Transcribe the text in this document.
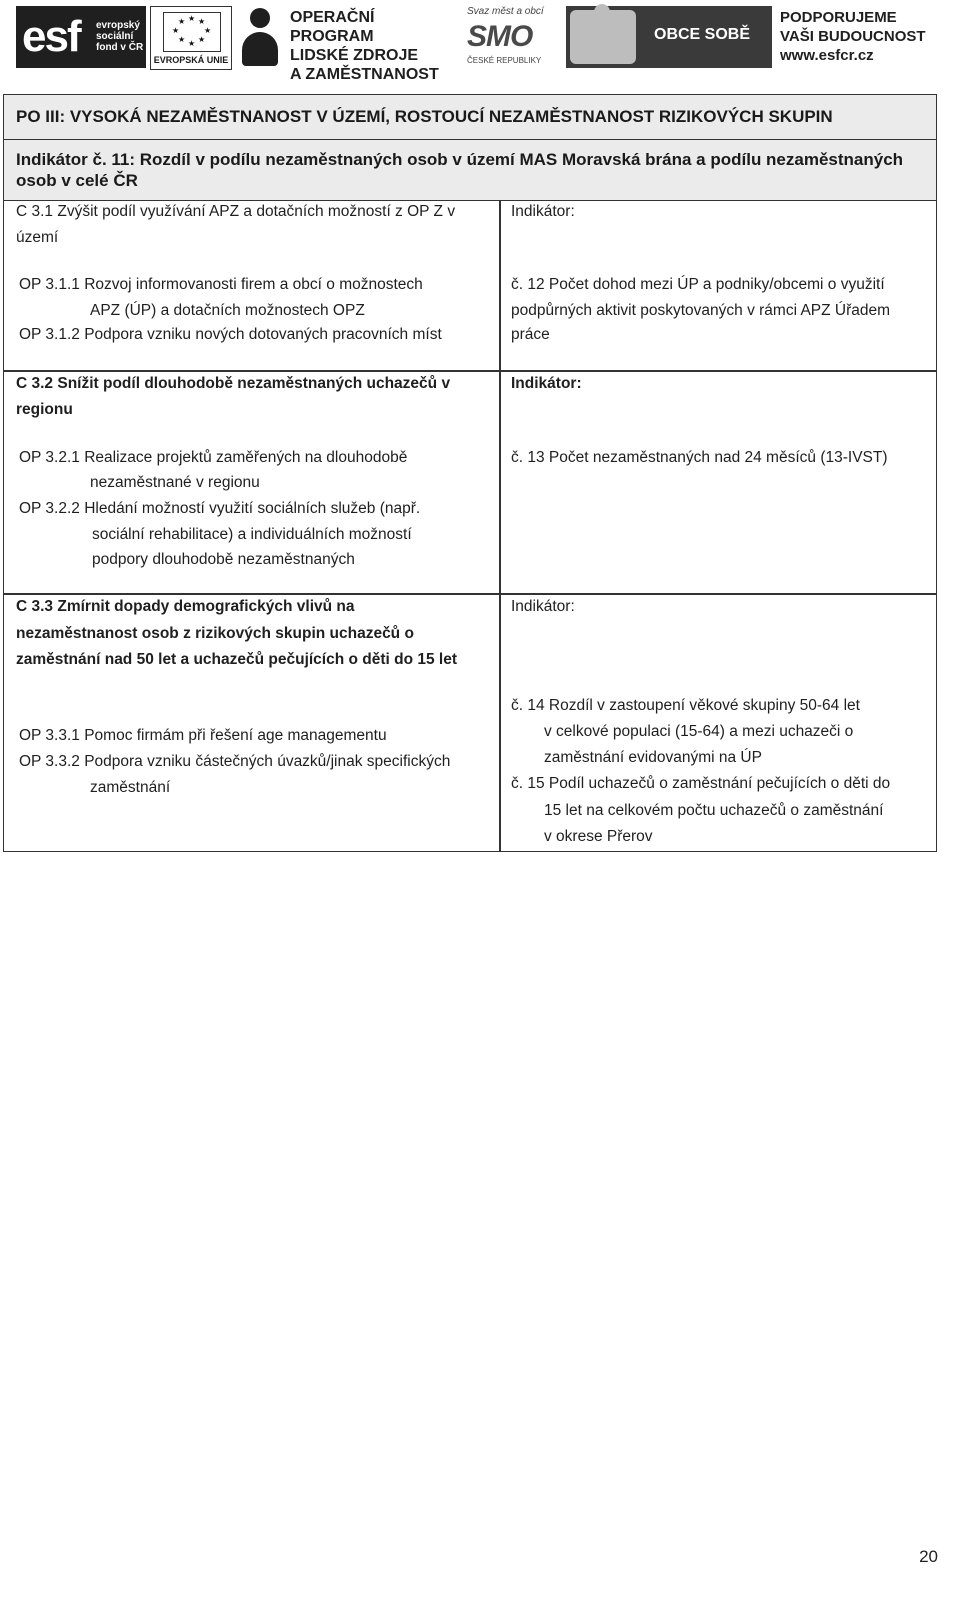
esf evropský
sociální
fond v ČR
★ ★
★
★
★
★
★
★
EVROPSKÁ UNIE
OPERAČNÍ PROGRAM
LIDSKÉ ZDROJE
A ZAMĚSTNANOST
Svaz měst a obcí
SMO
ČESKÉ REPUBLIKY
OBCE SOBĚ
PODPORUJEME
VAŠI BUDOUCNOST
www.esfcr.cz
PO III: VYSOKÁ NEZAMĚSTNANOST V ÚZEMÍ, ROSTOUCÍ NEZAMĚSTNANOST RIZIKOVÝCH SKUPIN
Indikátor č. 11: Rozdíl v podílu nezaměstnaných osob v území MAS Moravská brána a podílu nezaměstnaných osob v celé ČR
C 3.1 Zvýšit podíl využívání APZ a dotačních možností z OP Z v
území
Indikátor:
OP 3.1.1 Rozvoj informovanosti firem a obcí o možnostech
APZ (ÚP) a dotačních možnostech OPZ
OP 3.1.2 Podpora vzniku nových dotovaných pracovních míst
č. 12 Počet dohod mezi ÚP a podniky/obcemi o využití
podpůrných aktivit poskytovaných v rámci APZ Úřadem
práce
C 3.2 Snížit podíl dlouhodobě nezaměstnaných uchazečů v
regionu
Indikátor:
OP 3.2.1 Realizace projektů zaměřených na dlouhodobě
nezaměstnané v regionu
OP 3.2.2 Hledání možností využití sociálních služeb (např.
sociální rehabilitace) a individuálních možností
podpory dlouhodobě nezaměstnaných
č. 13 Počet nezaměstnaných nad 24 měsíců (13-IVST)
C 3.3 Zmírnit dopady demografických vlivů na
nezaměstnanost osob z rizikových skupin uchazečů o
zaměstnání nad 50 let a uchazečů pečujících o děti do 15 let
Indikátor:
OP 3.3.1 Pomoc firmám při řešení age managementu
OP 3.3.2 Podpora vzniku částečných úvazků/jinak specifických
zaměstnání
č. 14 Rozdíl v zastoupení věkové skupiny 50-64 let
v celkové populaci (15-64) a mezi uchazeči o
zaměstnání evidovanými na ÚP
č. 15 Podíl uchazečů o zaměstnání pečujících o děti do
15 let na celkovém počtu uchazečů o zaměstnání
v okrese Přerov
20
